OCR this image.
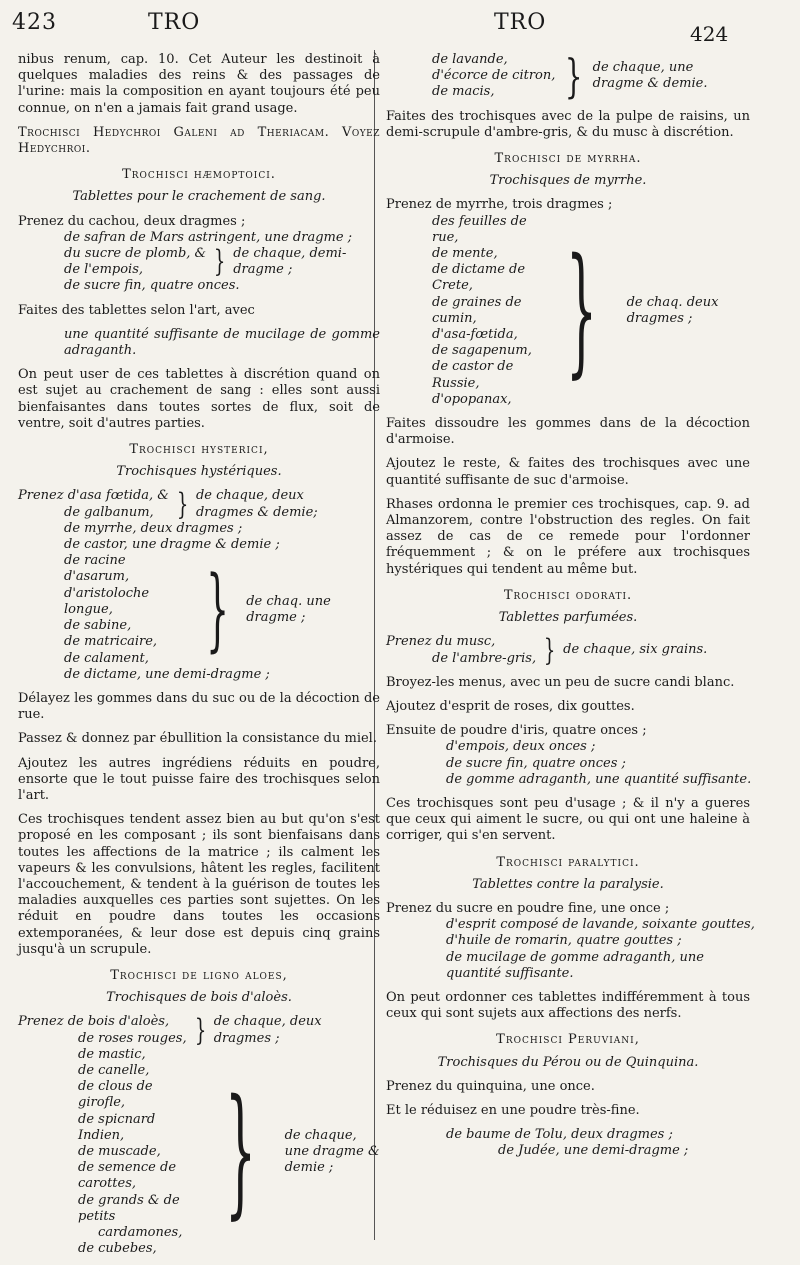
423	TRO	TRO	424

nibus renum, cap. 10. Cet Auteur les destinoit à quelques maladies des reins & des passages de l'urine: mais la composition en ayant toujours été peu connue, on n'en a jamais fait grand usage.

Trochisci Hedychroi Galeni ad Theriacam. Voyez Hedychroi.

Trochisci hæmoptoici.
Tablettes pour le crachement de sang.
Prenez du cachou, deux dragmes ;
de safran de Mars astringent, une dragme ;
du sucre de plomb, &
de l'empois,	} de chaque, demi-dragme ;
de sucre fin, quatre onces.

Faites des tablettes selon l'art, avec

une quantité suffisante de mucilage de gomme adraganth.

On peut user de ces tablettes à discrétion quand on est sujet au crachement de sang : elles sont aussi bienfaisantes dans toutes sortes de flux, soit de ventre, soit d'autres parties.

Trochisci hysterici,
Trochisques hystériques.
Prenez d'asa fœtida, &
de galbanum, } de chaque, deux dragmes & demie;
de myrrhe, deux dragmes ;
de castor, une dragme & demie ;
de racine d'asarum,
d'aristoloche longue,
de sabine,
de matricaire,
de calament, } de chaq. une dragme ;
de dictame, une demi-dragme ;

Délayez les gommes dans du suc ou de la décoction de rue.

Passez & donnez par ébullition la consistance du miel.

Ajoutez les autres ingrédiens réduits en poudre, ensorte que le tout puisse faire des trochisques selon l'art.

Ces trochisques tendent assez bien au but qu'on s'est proposé en les composant ; ils sont bienfaisans dans toutes les affections de la matrice ; ils calment les vapeurs & les convulsions, hâtent les regles, facilitent l'accouchement, & tendent à la guérison de toutes les maladies auxquelles ces parties sont sujettes. On les réduit en poudre dans toutes les occasions extemporanées, & leur dose est depuis cinq grains jusqu'à un scrupule.

Trochisci de ligno aloes,
Trochisques de bois d'aloès.
Prenez de bois d'aloès,
de roses rouges, } de chaque, deux dragmes ;
de mastic,
de canelle,
de clous de girofle,
de spicnard Indien,
de muscade,
de semence de carottes,
de grands & de petits
cardamones,
de cubebes,
} de chaque, une dragme & demie ;
de lavande,
d'écorce de citron,
de macis,	} de chaque, une dragme & demie.

Faites des trochisques avec de la pulpe de raisins, un demi-scrupule d'ambre-gris, & du musc à discrétion.

Trochisci de myrrha.
Trochisques de myrrhe.
Prenez de myrrhe, trois dragmes ;
des feuilles de rue,
de mente,
de dictame de Crete,
de graines de cumin,
d'asa-fœtida,
de sagapenum,
de castor de Russie,
d'opopanax,
} de chaq. deux dragmes ;

Faites dissoudre les gommes dans de la décoction d'armoise.

Ajoutez le reste, & faites des trochisques avec une quantité suffisante de suc d'armoise.

Rhases ordonna le premier ces trochisques, cap. 9. ad Almanzorem, contre l'obstruction des regles. On fait assez de cas de ce remede pour l'ordonner fréquemment ; & on le préfere aux trochisques hystériques qui tendent au même but.

Trochisci odorati.
Tablettes parfumées.
Prenez du musc,
de l'ambre-gris, } de chaque, six grains.

Broyez-les menus, avec un peu de sucre candi blanc.

Ajoutez d'esprit de roses, dix gouttes.

Ensuite de poudre d'iris, quatre onces ;
d'empois, deux onces ;
de sucre fin, quatre onces ;
de gomme adraganth, une quantité suffisante.

Ces trochisques sont peu d'usage ; & il n'y a gueres que ceux qui aiment le sucre, ou qui ont une haleine à corriger, qui s'en servent.

Trochisci paralytici.
Tablettes contre la paralysie.
Prenez du sucre en poudre fine, une once ;
d'esprit composé de lavande, soixante gouttes,
d'huile de romarin, quatre gouttes ;
de mucilage de gomme adraganth, une quantité suffisante.

On peut ordonner ces tablettes indifféremment à tous ceux qui sont sujets aux affections des nerfs.

Trochisci Peruviani,
Trochisques du Pérou ou de Quinquina.

Prenez du quinquina, une once.

Et le réduisez en une poudre très-fine.

de baume de Tolu, deux dragmes ;
de Judée, une demi-dragme ;
